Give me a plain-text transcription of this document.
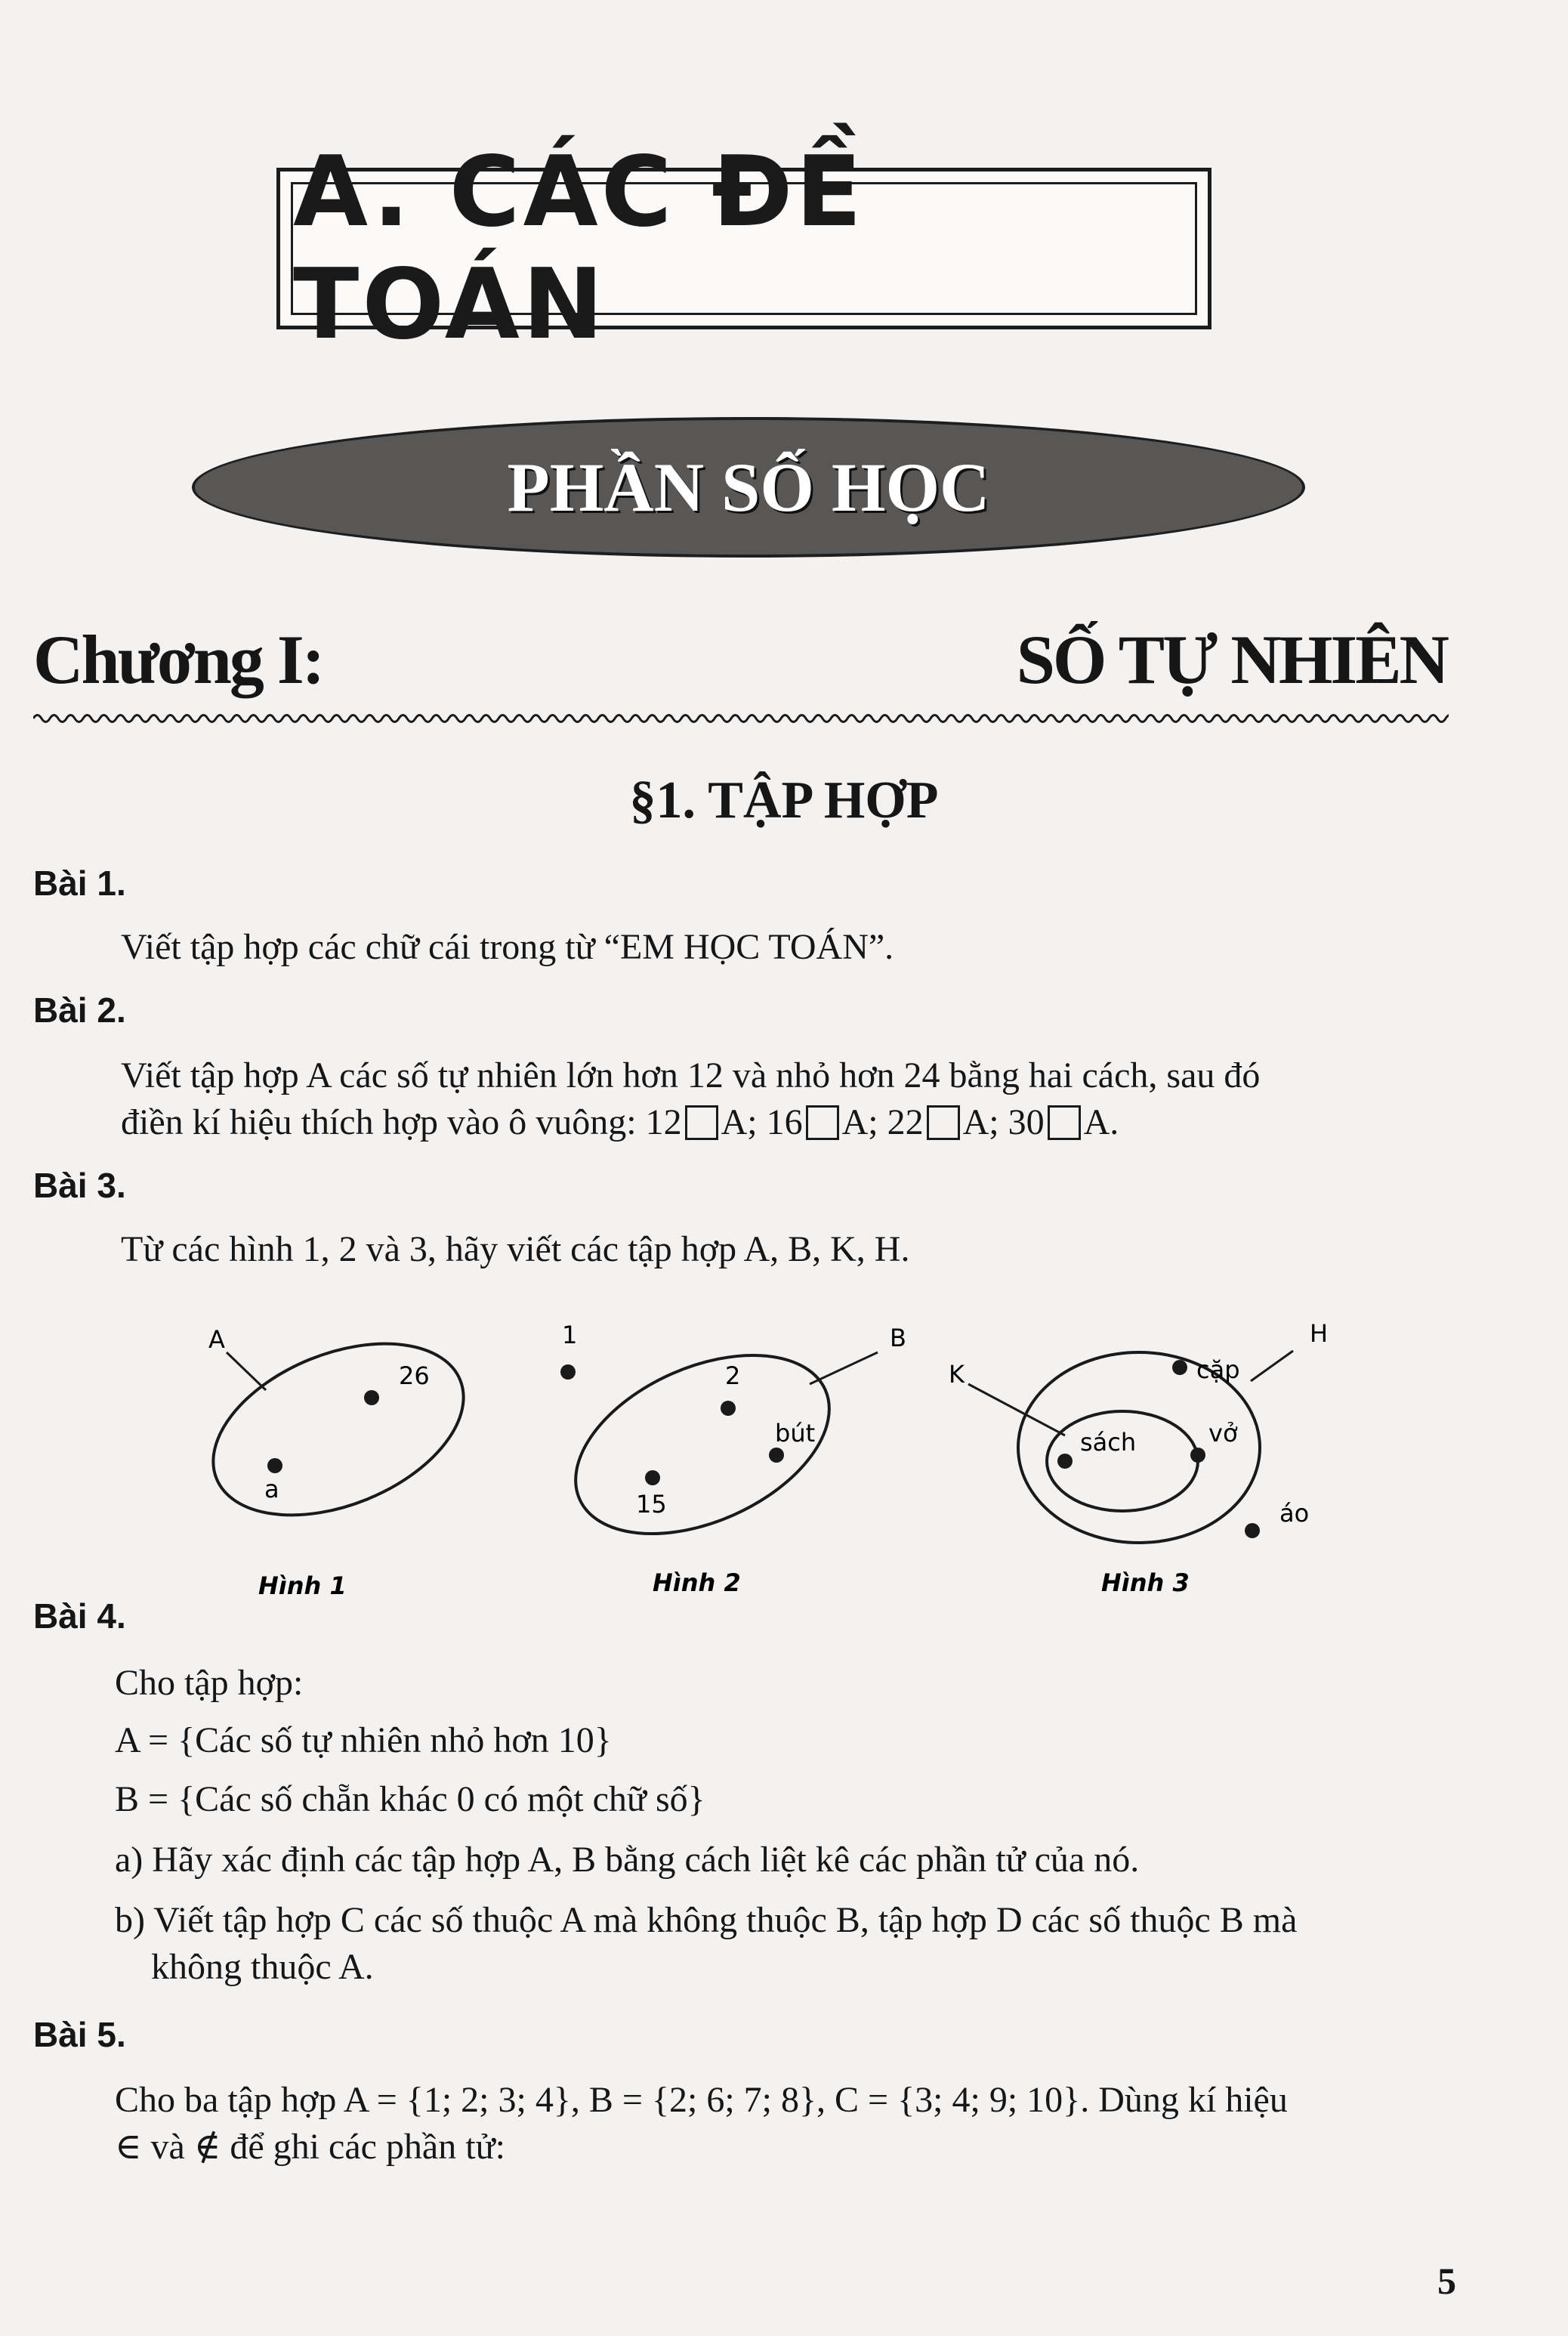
A. CÁC ĐỀ TOÁN
PHẦN SỐ HỌC
Chương I:	SỐ TỰ NHIÊN
§1. TẬP HỢP
Bài 1.
Viết tập hợp các chữ cái trong từ “EM HỌC TOÁN”.
Bài 2.
Viết tập hợp A các số tự nhiên lớn hơn 12 và nhỏ hơn 24 bằng hai cách, sau đó
điền kí hiệu thích hợp vào ô vuông: 12 A; 16 A; 22 A; 30 A.
Bài 3.
Từ các hình 1, 2 và 3, hãy viết các tập hợp A, B, K, H.
A
26
a
Hình 1
B
1
2
bút
15
Hình 2
H
K	cặp
vở
sách
áo
Hình 3
Bài 4.
Cho tập hợp:
A = {Các số tự nhiên nhỏ hơn 10}
B = {Các số chẵn khác 0 có một chữ số}
a) Hãy xác định các tập hợp A, B bằng cách liệt kê các phần tử của nó.
b) Viết tập hợp C các số thuộc A mà không thuộc B, tập hợp D các số thuộc B mà
không thuộc A.
Bài 5.
Cho ba tập hợp A = {1; 2; 3; 4}, B = {2; 6; 7; 8}, C = {3; 4; 9; 10}. Dùng kí hiệu
∈ và ∉ để ghi các phần tử:
5
